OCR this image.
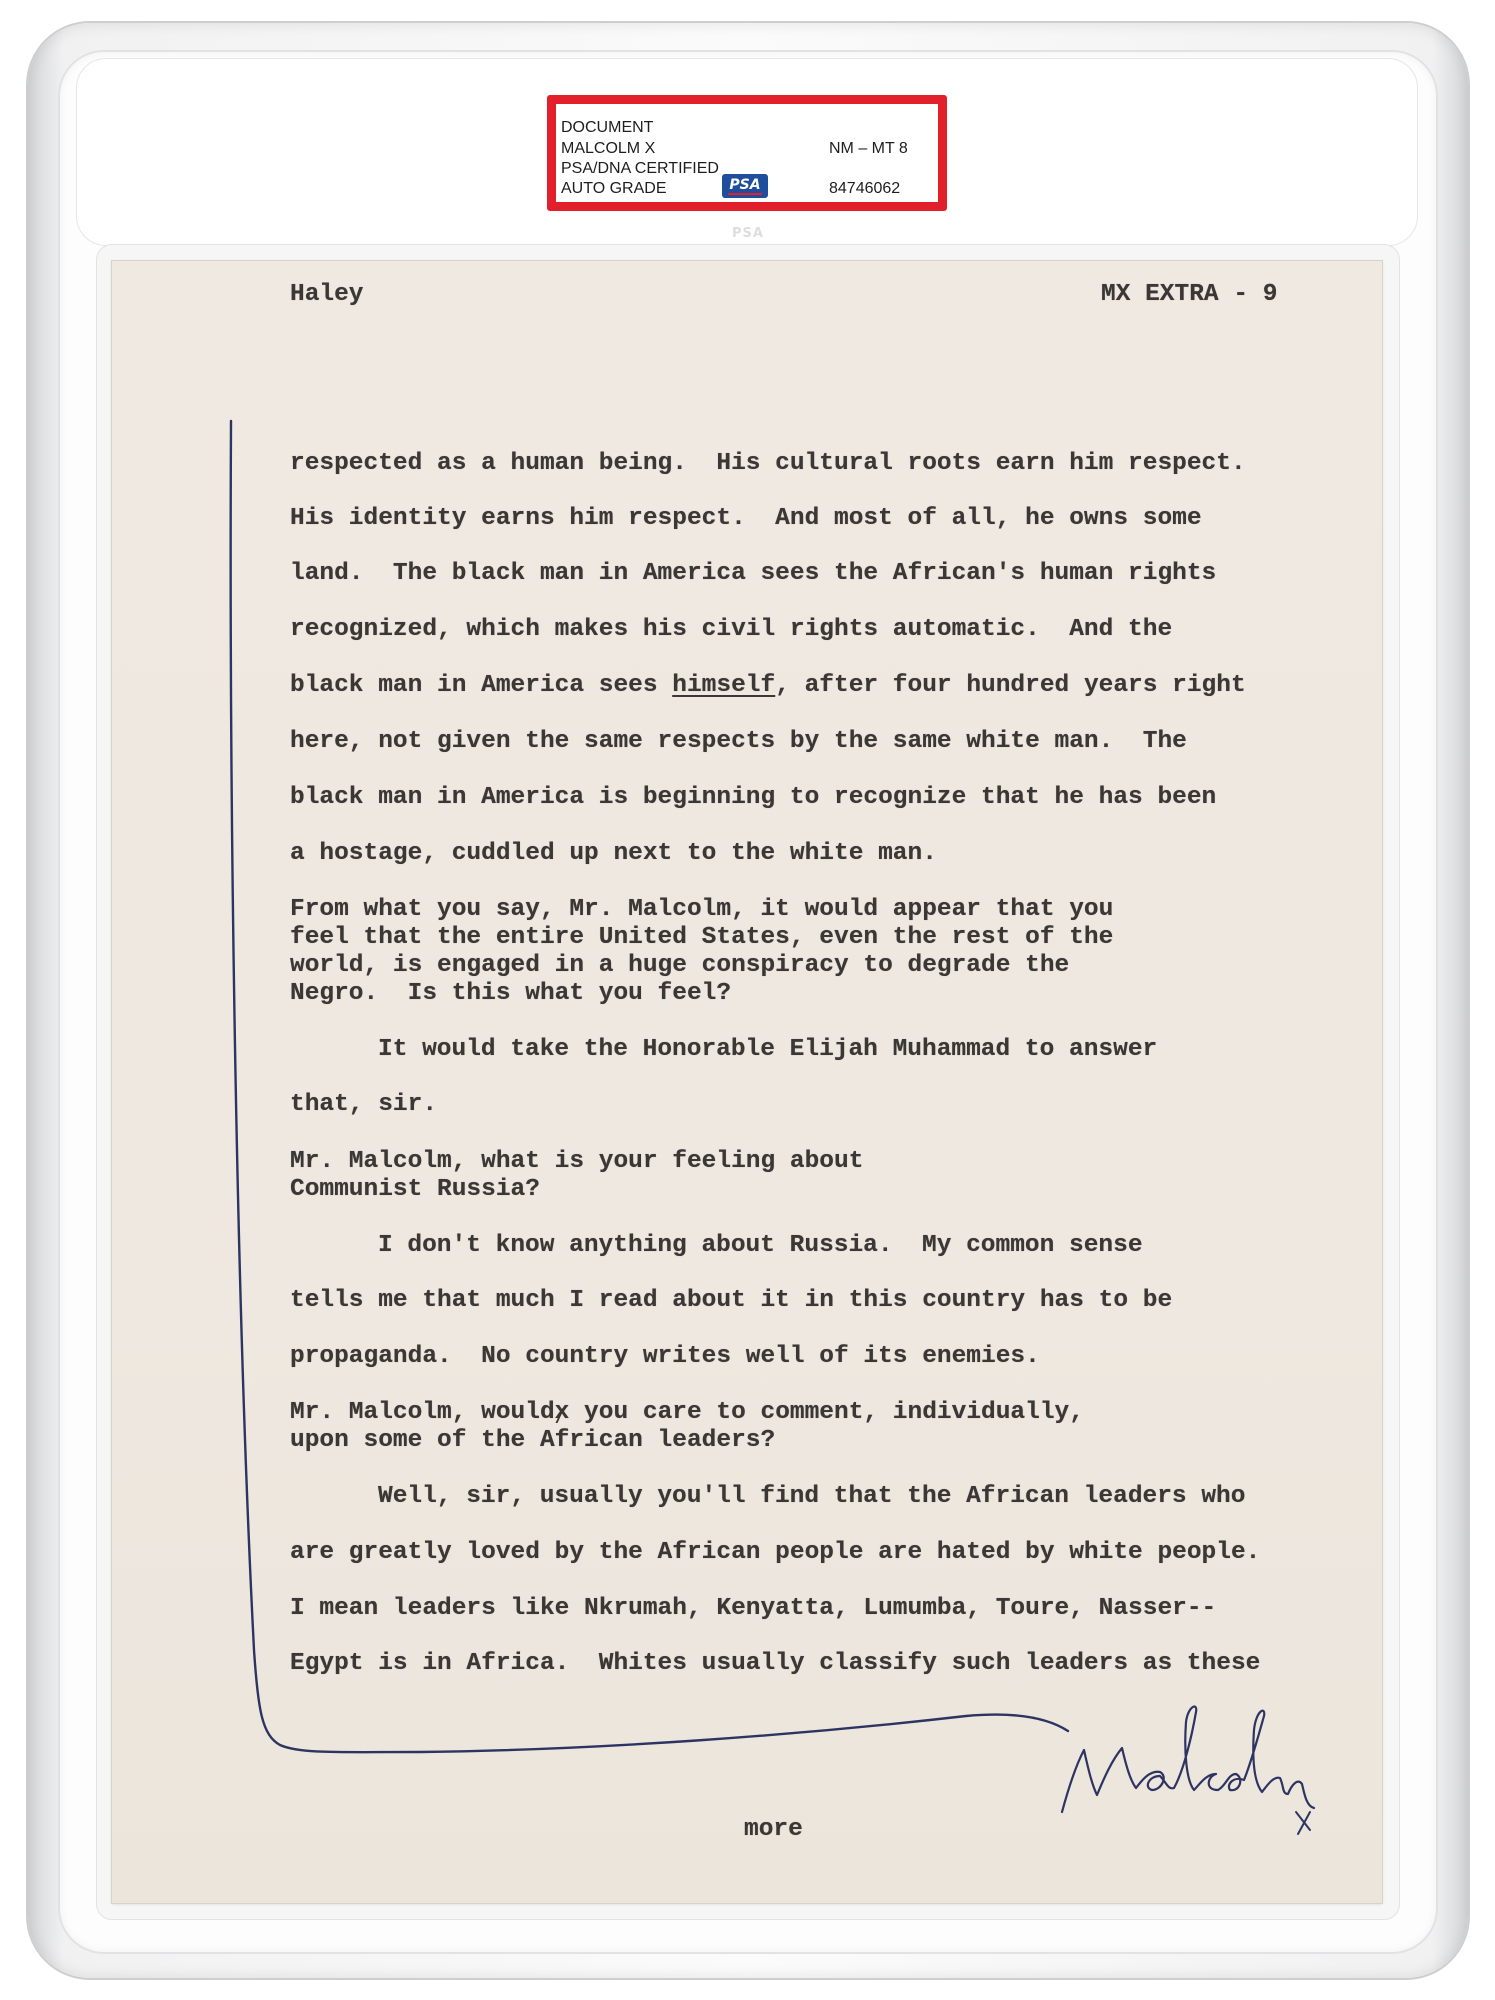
DOCUMENT
MALCOLM X
PSA/DNA CERTIFIED
AUTO GRADE
NM – MT 8
84746062
PSA
PSA
Haley	MX EXTRA - 9
respected as a human being.  His cultural roots earn him respect.
His identity earns him respect.  And most of all, he owns some
land.  The black man in America sees the African's human rights
recognized, which makes his civil rights automatic.  And the
black man in America sees himself, after four hundred years right
here, not given the same respects by the same white man.  The
black man in America is beginning to recognize that he has been
a hostage, cuddled up next to the white man.
From what you say, Mr. Malcolm, it would appear that you
feel that the entire United States, even the rest of the
world, is engaged in a huge conspiracy to degrade the
Negro.  Is this what you feel?
It would take the Honorable Elijah Muhammad to answer
that, sir.
Mr. Malcolm, what is your feeling about
Communist Russia?
I don't know anything about Russia.  My common sense
tells me that much I read about it in this country has to be
propaganda.  No country writes well of its enemies.
Mr. Malcolm, wouldx you care to comment, individually,
upon some of the African leaders?
Well, sir, usually you'll find that the African leaders who
are greatly loved by the African people are hated by white people.
I mean leaders like Nkrumah, Kenyatta, Lumumba, Toure, Nasser--
Egypt is in Africa.  Whites usually classify such leaders as these
more
